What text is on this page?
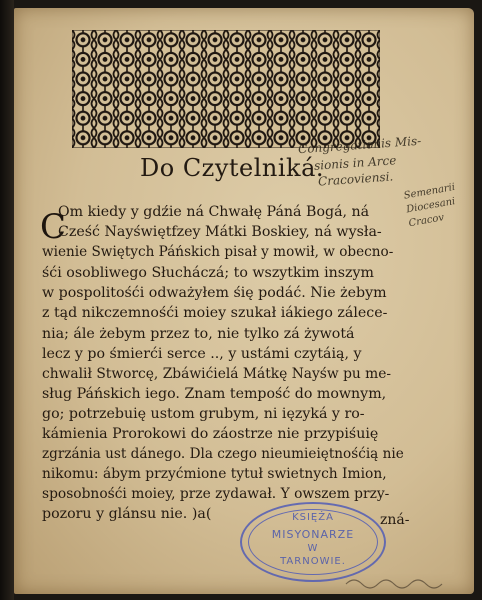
Do Czytelniká.
Congregationis Mis-
sionis in Arce
Cracoviensi.
Semenarii Diocesani Cracov
C
Om kiedy y gdźie ná Chwałę Páná Bogá, ná
Cześć Nayświętfzey Mátki Boskiey, ná wysła-
wienie Swiętych Páńskich pisał y mowił, w obecno-
śći osobliwego Słucháczá; to wszytkim inszym
w pospolitośći odważyłem śię podáć. Nie żebym
z tąd nikczemnośći moiey szukał iákiego zálece-
nia; ále żebym przez to, nie tylko zá żywotá
lecz y po śmierći serce .., y ustámi czytáią, y
chwalił Stworcę, Zbáwićielá Mátkę Nayśw pu me-
sług Páńskich iego. Znam tempość do mownym,
go; potrzebuię ustom grubym, ni ięzyká y ro-
kámienia Prorokowi do záostrze nie przypiśuię
zgrzánia ust dánego. Dla czego nieumieiętnośćią nie
nikomu: ábym przyćmione tytuł swietnych Imion,
sposobnośći moiey, prze zydawał. Y owszem przy-
pozoru y glánsu nie. )a(	zná-
KSIĘŻA
MISYONARZE
W
TARNOWIE.
